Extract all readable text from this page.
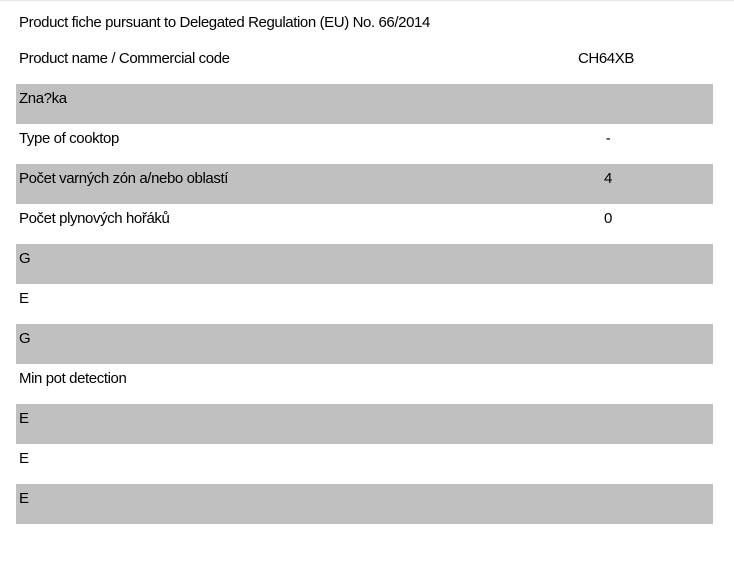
Product fiche pursuant to Delegated Regulation (EU) No. 66/2014
Product name / Commercial code	CH64XB
Zna?ka
Type of cooktop	-
Počet varných zón a/nebo oblastí	4
Počet plynových hořáků	0
G
E
G
Min pot detection
E
E
E
